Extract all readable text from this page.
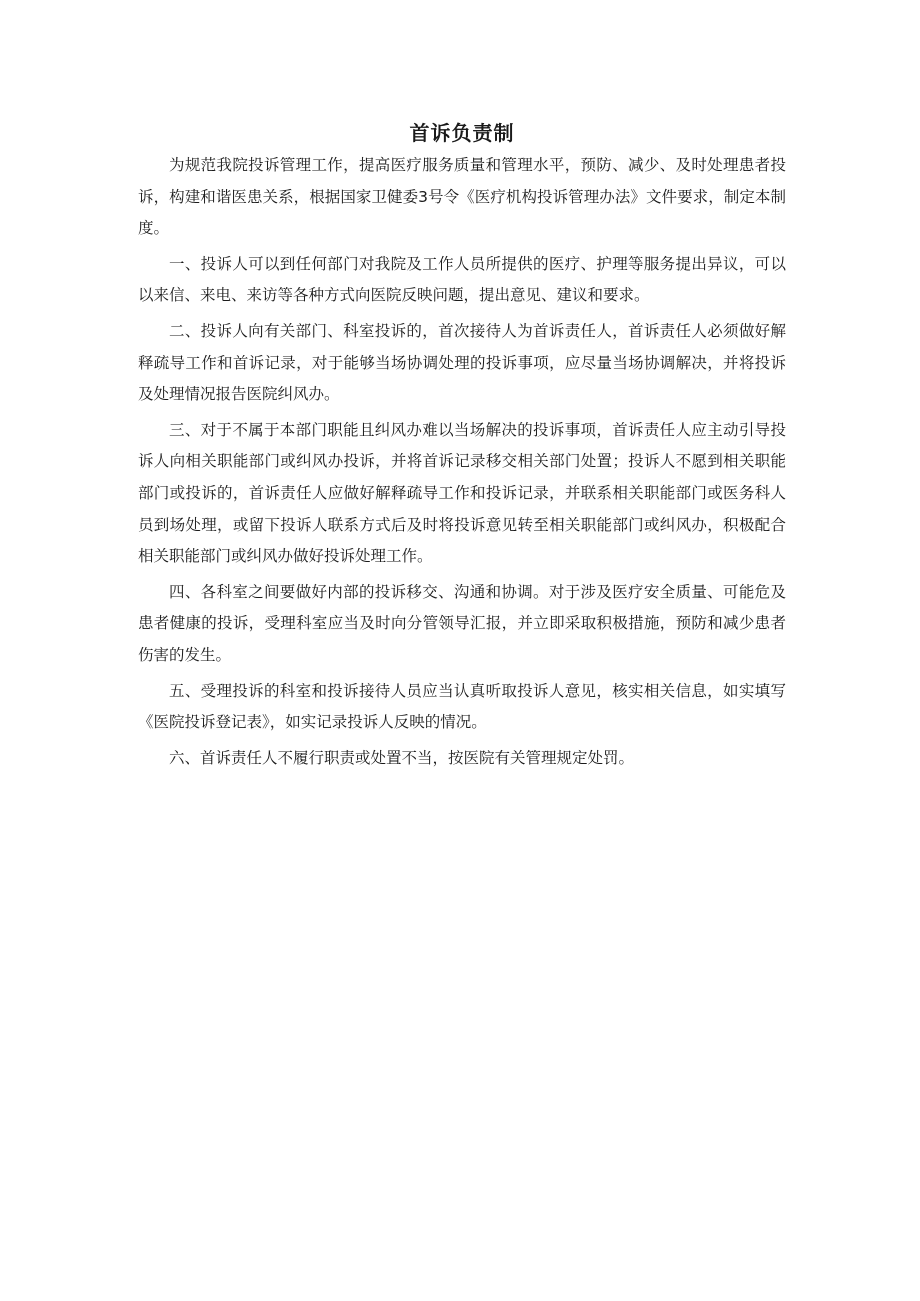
首诉负责制

为规范我院投诉管理工作，提高医疗服务质量和管理水平，预防、减少、及时处理患者投诉，构建和谐医患关系，根据国家卫健委3号令《医疗机构投诉管理办法》文件要求，制定本制度。

一、投诉人可以到任何部门对我院及工作人员所提供的医疗、护理等服务提出异议，可以以来信、来电、来访等各种方式向医院反映问题，提出意见、建议和要求。

二、投诉人向有关部门、科室投诉的，首次接待人为首诉责任人，首诉责任人必须做好解释疏导工作和首诉记录，对于能够当场协调处理的投诉事项，应尽量当场协调解决，并将投诉及处理情况报告医院纠风办。

三、对于不属于本部门职能且纠风办难以当场解决的投诉事项，首诉责任人应主动引导投诉人向相关职能部门或纠风办投诉，并将首诉记录移交相关部门处置；投诉人不愿到相关职能部门或投诉的，首诉责任人应做好解释疏导工作和投诉记录，并联系相关职能部门或医务科人员到场处理，或留下投诉人联系方式后及时将投诉意见转至相关职能部门或纠风办，积极配合相关职能部门或纠风办做好投诉处理工作。

四、各科室之间要做好内部的投诉移交、沟通和协调。对于涉及医疗安全质量、可能危及患者健康的投诉，受理科室应当及时向分管领导汇报，并立即采取积极措施，预防和减少患者伤害的发生。

五、受理投诉的科室和投诉接待人员应当认真听取投诉人意见，核实相关信息，如实填写《医院投诉登记表》，如实记录投诉人反映的情况。

六、首诉责任人不履行职责或处置不当，按医院有关管理规定处罚。
